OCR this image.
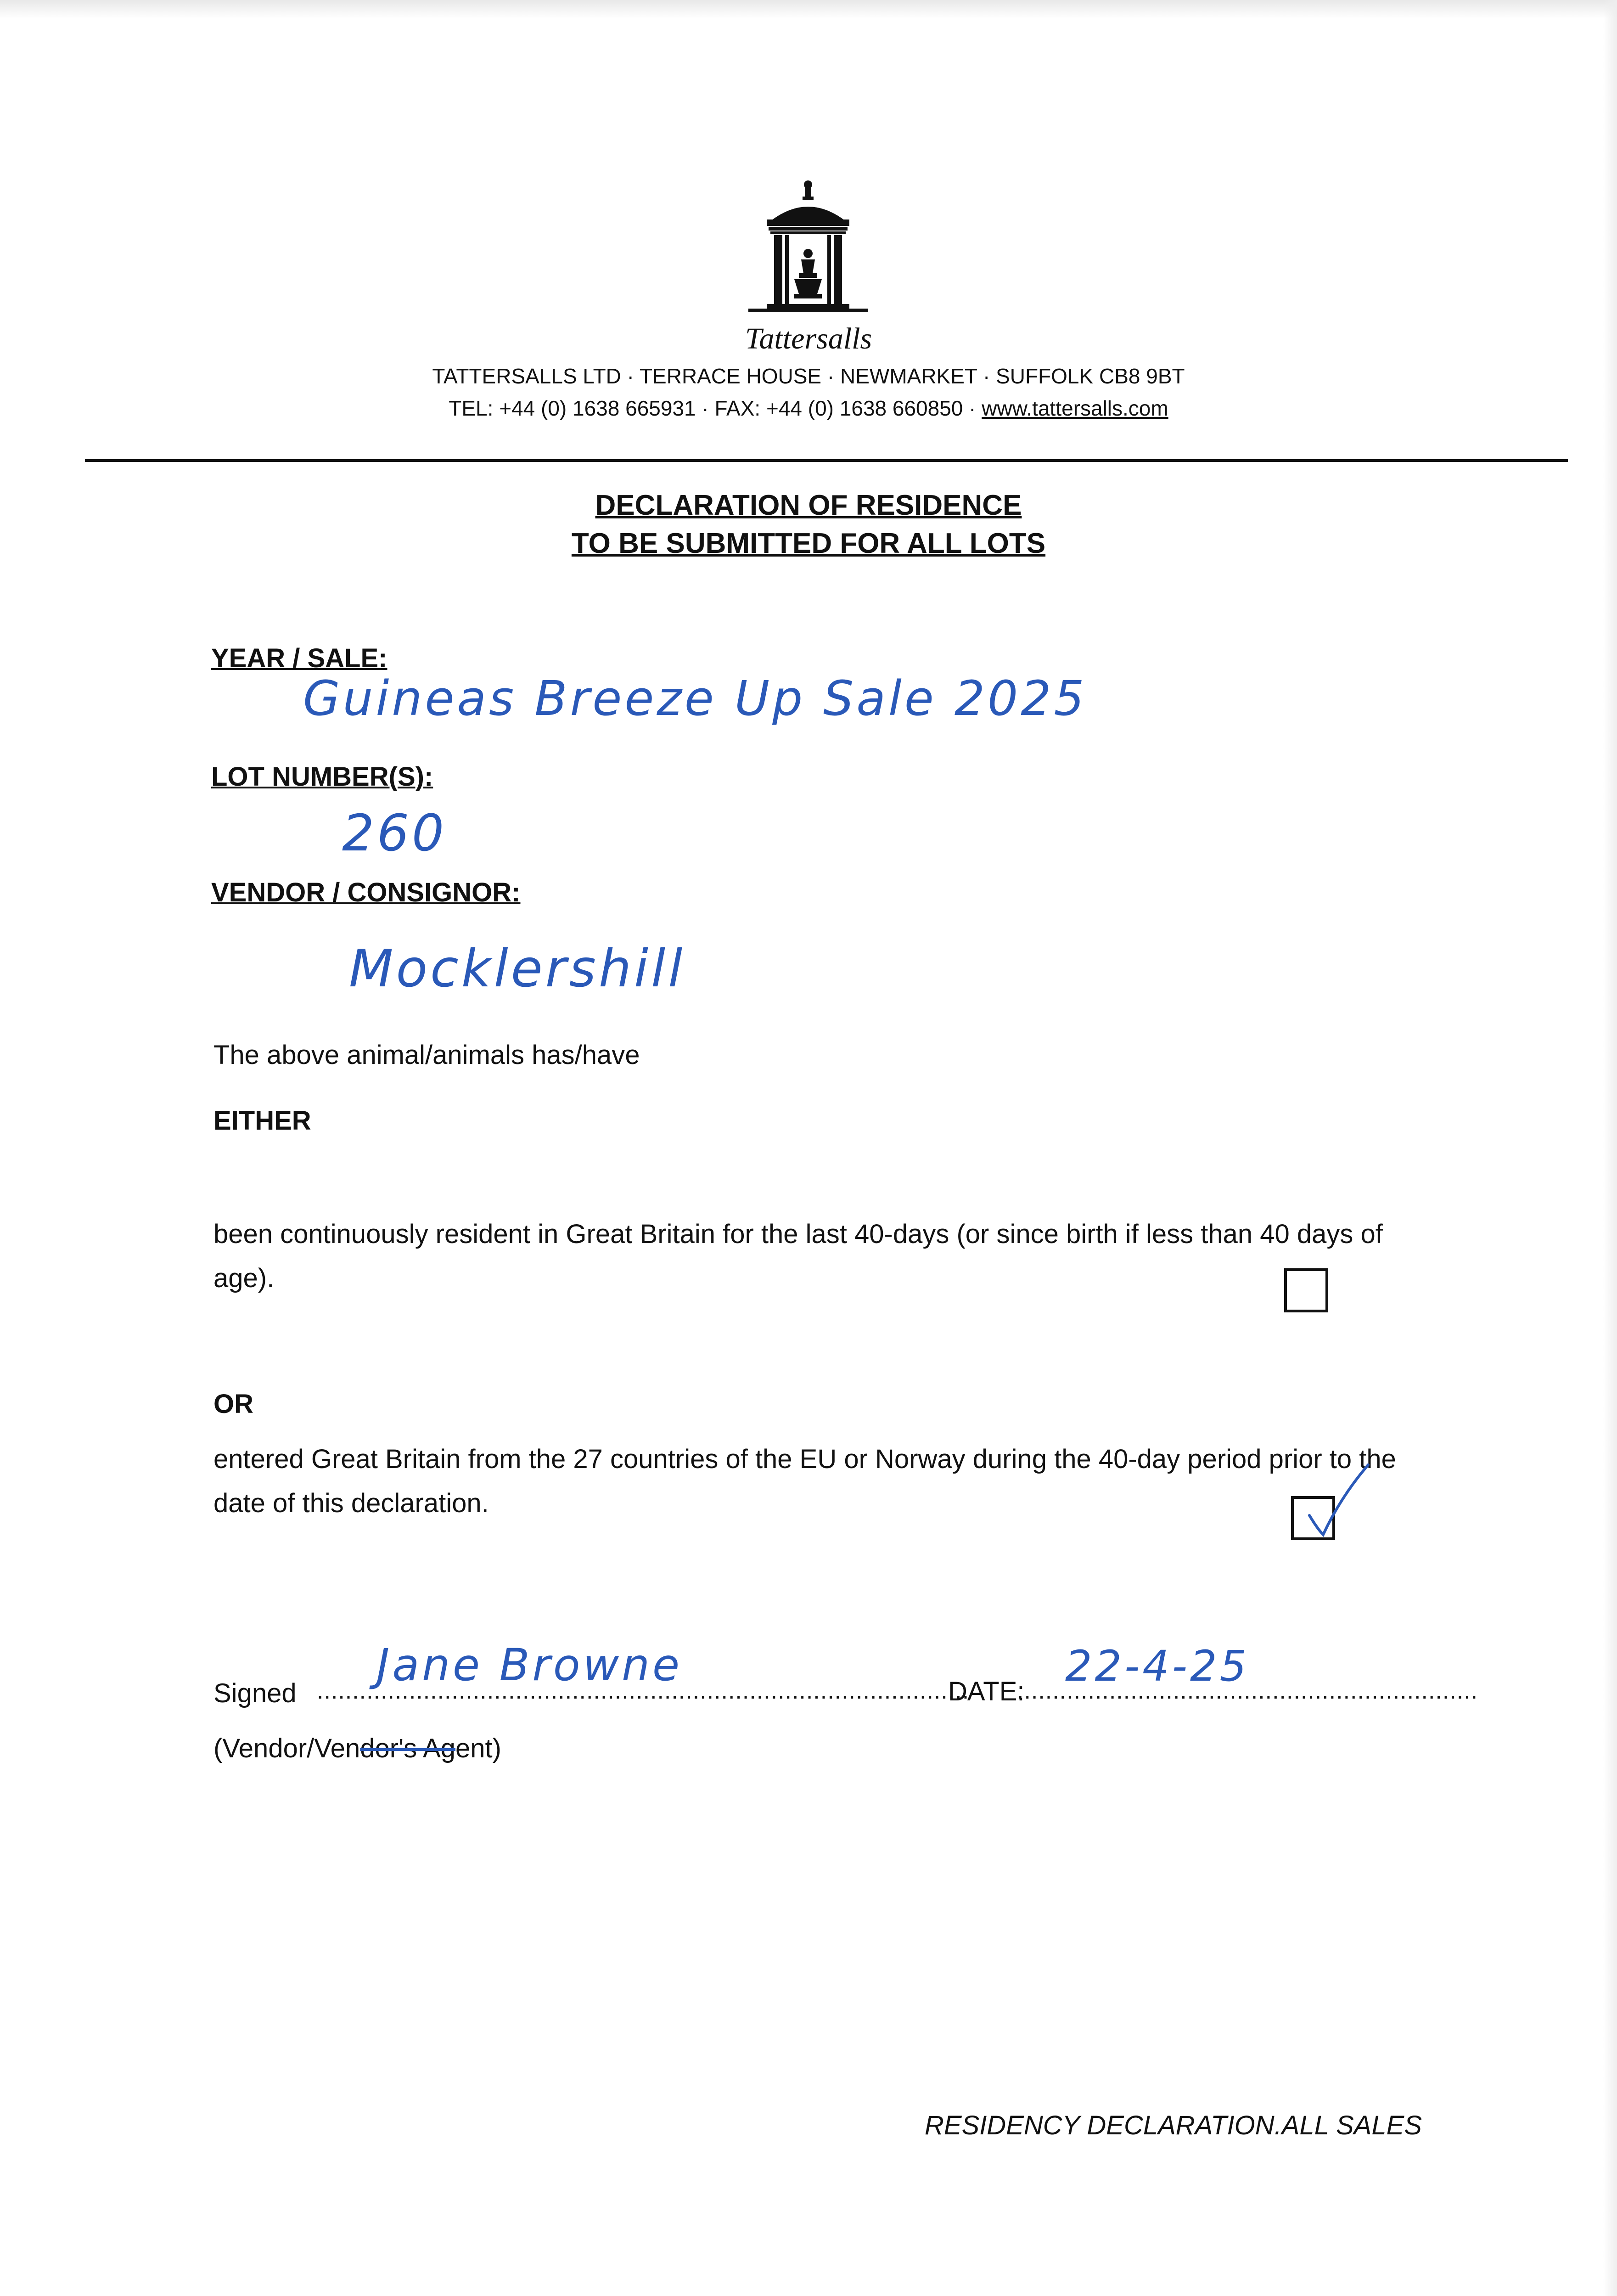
Tattersalls
TATTERSALLS LTD · TERRACE HOUSE · NEWMARKET · SUFFOLK CB8 9BT
TEL: +44 (0) 1638 665931 · FAX: +44 (0) 1638 660850 · www.tattersalls.com
DECLARATION OF RESIDENCE
TO BE SUBMITTED FOR ALL LOTS
YEAR / SALE:
Guineas Breeze Up Sale 2025
LOT NUMBER(S):
260
VENDOR / CONSIGNOR:
Mocklershill
The above animal/animals has/have
EITHER
been continuously resident in Great Britain for the last 40-days (or since birth if less than 40 days of age).
OR
entered Great Britain from the 27 countries of the EU or Norway during the 40-day period prior to the date of this declaration.
Signed ............................................................................................
Jane Browne
DATE:
.................................................................
22-4-25
(Vendor/Vendor's Agent)
RESIDENCY DECLARATION.ALL SALES
